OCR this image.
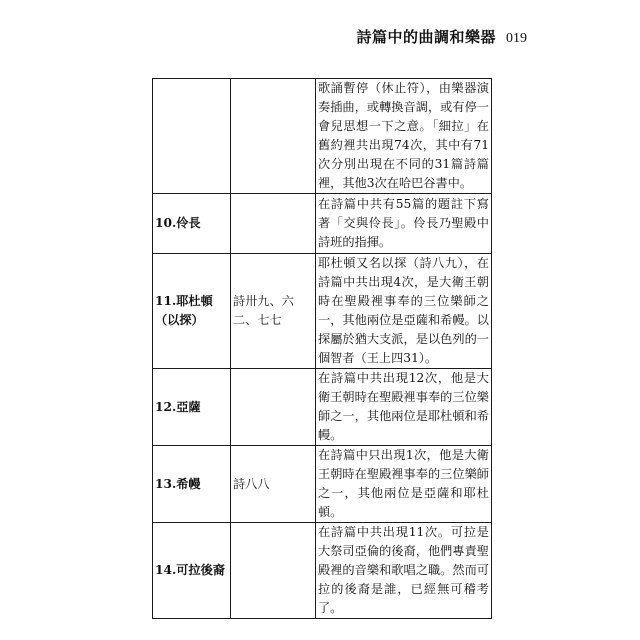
詩篇中的曲調和樂器 019
		歌誦暫停（休止符），由樂器演奏插曲，或轉換音調，或有停一會兒思想一下之意。「細拉」在舊約裡共出現74次，其中有71次分別出現在不同的31篇詩篇裡，其他3次在哈巴谷書中。
10.伶長		在詩篇中共有55篇的題註下寫著「交與伶長」。伶長乃聖殿中詩班的指揮。
11.耶杜頓（以探）	詩卅九、六二、七七	耶杜頓又名以探（詩八九），在詩篇中共出現4次，是大衛王朝時在聖殿裡事奉的三位樂師之一，其他兩位是亞薩和希幔。以探屬於猶大支派，是以色列的一個智者（王上四31）。
12.亞薩		在詩篇中共出現12次，他是大衛王朝時在聖殿裡事奉的三位樂師之一，其他兩位是耶杜頓和希幔。
13.希幔	詩八八	在詩篇中只出現1次，他是大衛王朝時在聖殿裡事奉的三位樂師之一，其他兩位是亞薩和耶杜頓。
14.可拉後裔		在詩篇中共出現11次。可拉是大祭司亞倫的後裔，他們專責聖殿裡的音樂和歌唱之職。然而可拉的後裔是誰，已經無可稽考了。
